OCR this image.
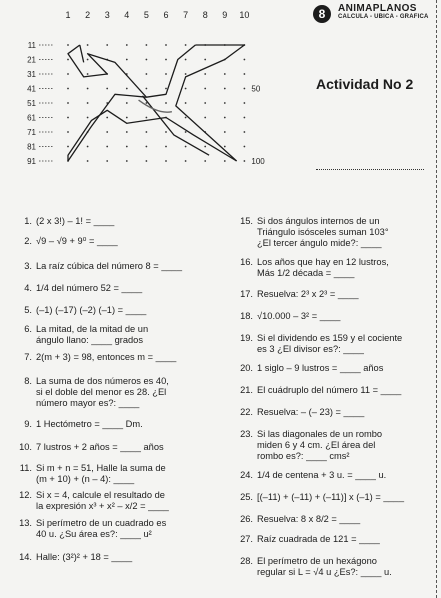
1 2 3 4 5 6 7 8 9 10
11
21
31
41
51
61
71
81
91
50
100
8	ANIMAPLANOS
CALCULA - UBICA - GRAFICA
Actividad No 2
1. (2 x 3!) – 1! = ____
2. √9 – √9 + 9⁰ = ____
3. La raíz cúbica del número 8 = ____
4. 1/4 del número 52 = ____
5. (–1) (–17) (–2) (–1) = ____
6. La mitad, de la mitad de un
ángulo llano: ____ grados
7. 2(m + 3) = 98, entonces m = ____
8. La suma de dos números es 40,
si el doble del menor es 28. ¿El
número mayor es?: ____
9. 1 Hectómetro = ____ Dm.
10. 7 lustros + 2 años = ____ años
11. Si m + n = 51, Halle la suma de
(m + 10) + (n – 4): ____
12. Si x = 4, calcule el resultado de
la expresión x³ + x² – x/2 = ____
13. Si perímetro de un cuadrado es
40 u. ¿Su área es?: ____ u²
14. Halle: (3²)² + 18 = ____
15. Si dos ángulos internos de un
Triángulo isósceles suman 103°
¿El tercer ángulo mide?: ____
16. Los años que hay en 12 lustros,
Más 1/2 década = ____
17. Resuelva: 2³ x 2³ = ____
18. √10.000 – 3² = ____
19. Si el dividendo es 159 y el cociente
es 3 ¿El divisor es?: ____
20. 1 siglo – 9 lustros = ____ años
21. El cuádruplo del número 11 = ____
22. Resuelva: – (– 23) = ____
23. Si las diagonales de un rombo
miden 6 y 4 cm. ¿El área del
rombo es?: ____ cms²
24. 1/4 de centena + 3 u. = ____ u.
25. [(–11) + (–11) + (–11)] x (–1) = ____
26. Resuelva: 8 x 8/2 = ____
27. Raíz cuadrada de 121 = ____
28. El perímetro de un hexágono
regular si L = √4 u ¿Es?: ____ u.
